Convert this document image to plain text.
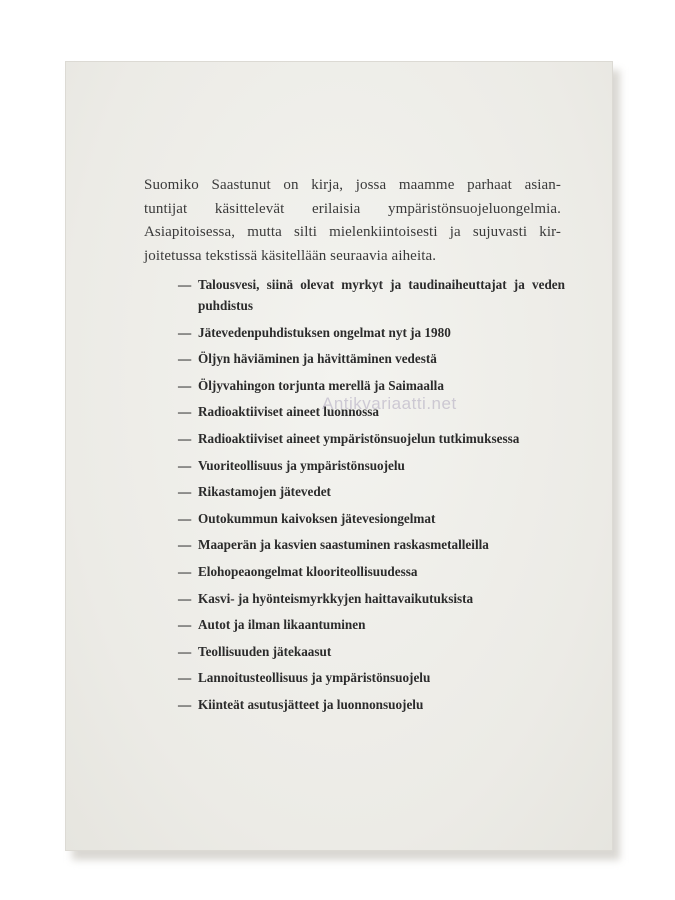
Suomiko Saastunut on kirja, jossa maamme parhaat asian-
tuntijat käsittelevät erilaisia ympäristönsuojeluongelmia.
Asiapitoisessa, mutta silti mielenkiintoisesti ja sujuvasti kir-
joitetussa tekstissä käsitellään seuraavia aiheita.
— Talousvesi, siinä olevat myrkyt ja taudinaiheuttajat ja veden puhdistus
— Jätevedenpuhdistuksen ongelmat nyt ja 1980
— Öljyn häviäminen ja hävittäminen vedestä
— Öljyvahingon torjunta merellä ja Saimaalla
— Radioaktiiviset aineet luonnossa
— Radioaktiiviset aineet ympäristönsuojelun tutkimuksessa
— Vuoriteollisuus ja ympäristönsuojelu
— Rikastamojen jätevedet
— Outokummun kaivoksen jätevesiongelmat
— Maaperän ja kasvien saastuminen raskasmetalleilla
— Elohopeaongelmat klooriteollisuudessa
— Kasvi- ja hyönteismyrkkyjen haittavaikutuksista
— Autot ja ilman likaantuminen
— Teollisuuden jätekaasut
— Lannoitusteollisuus ja ympäristönsuojelu
— Kiinteät asutusjätteet ja luonnonsuojelu
Antikvariaatti.net
